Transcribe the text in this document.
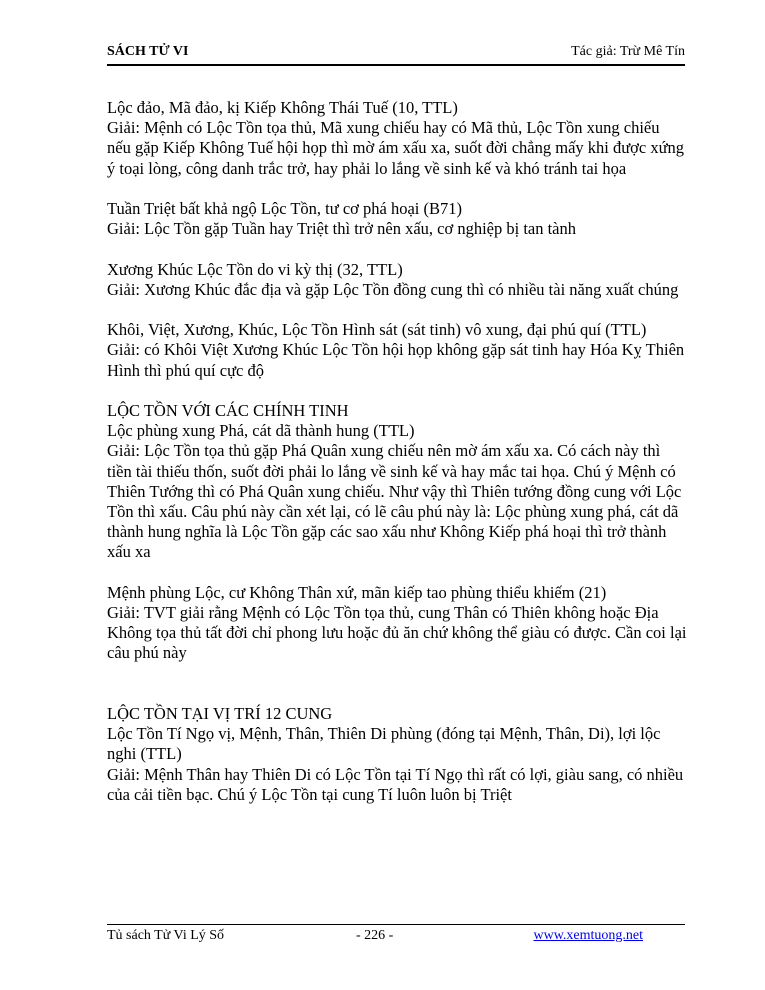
SÁCH TỬ VI	Tác giả: Trừ Mê Tín

Lộc đảo, Mã đảo, kị Kiếp Không Thái Tuế (10, TTL)

Giải: Mệnh có Lộc Tồn tọa thủ, Mã xung chiếu hay có Mã thủ, Lộc Tồn xung chiếu nếu gặp Kiếp Không Tuế hội họp thì mờ ám xấu xa, suốt đời chẳng mấy khi được xứng ý toại lòng, công danh trắc trở, hay phải lo lắng về sinh kế và khó tránh tai họa

Tuần Triệt bất khả ngộ Lộc Tồn, tư cơ phá hoại (B71)

Giải: Lộc Tồn gặp Tuần hay Triệt thì trở nên xấu, cơ nghiệp bị tan tành

Xương Khúc Lộc Tồn do vi kỳ thị (32, TTL)

Giải: Xương Khúc đắc địa và gặp Lộc Tồn đồng cung thì có nhiều tài năng xuất chúng

Khôi, Việt, Xương, Khúc, Lộc Tồn Hình sát (sát tinh) vô xung, đại phú quí (TTL)

Giải: có Khôi Việt Xương Khúc Lộc Tồn hội họp không gặp sát tinh hay Hóa Kỵ Thiên Hình thì phú quí cực độ

LỘC TỒN VỚI CÁC CHÍNH TINH

Lộc phùng xung Phá, cát dã thành hung (TTL)

Giải: Lộc Tồn tọa thủ gặp Phá Quân xung chiếu nên mờ ám xấu xa. Có cách này thì tiền tài thiếu thốn, suốt đời phải lo lắng về sinh kế và hay mắc tai họa. Chú ý Mệnh có Thiên Tướng thì có Phá Quân xung chiếu. Như vậy thì Thiên tướng đồng cung với Lộc Tồn thì xấu. Câu phú này cần xét lại, có lẽ câu phú này là: Lộc phùng xung phá, cát dã thành hung nghĩa là Lộc Tồn gặp các sao xấu như Không Kiếp phá hoại thì trở thành xấu xa

Mệnh phùng Lộc, cư Không Thân xứ, mãn kiếp tao phùng thiểu khiếm (21)

Giải: TVT giải rằng Mệnh có Lộc Tồn tọa thủ, cung Thân có Thiên không hoặc Địa Không tọa thủ tất đời chỉ phong lưu hoặc đủ ăn chứ không thể giàu có được. Cần coi lại câu phú này

LỘC TỒN TẠI VỊ TRÍ 12 CUNG

Lộc Tồn Tí Ngọ vị, Mệnh, Thân, Thiên Di phùng (đóng tại Mệnh, Thân, Di), lợi lộc nghi (TTL)

Giải: Mệnh Thân hay Thiên Di có Lộc Tồn tại Tí Ngọ thì rất có lợi, giàu sang, có nhiều của cải tiền bạc. Chú ý Lộc Tồn tại cung Tí luôn luôn bị Triệt

Tủ sách Tử Vi Lý Số	- 226 -	www.xemtuong.net
